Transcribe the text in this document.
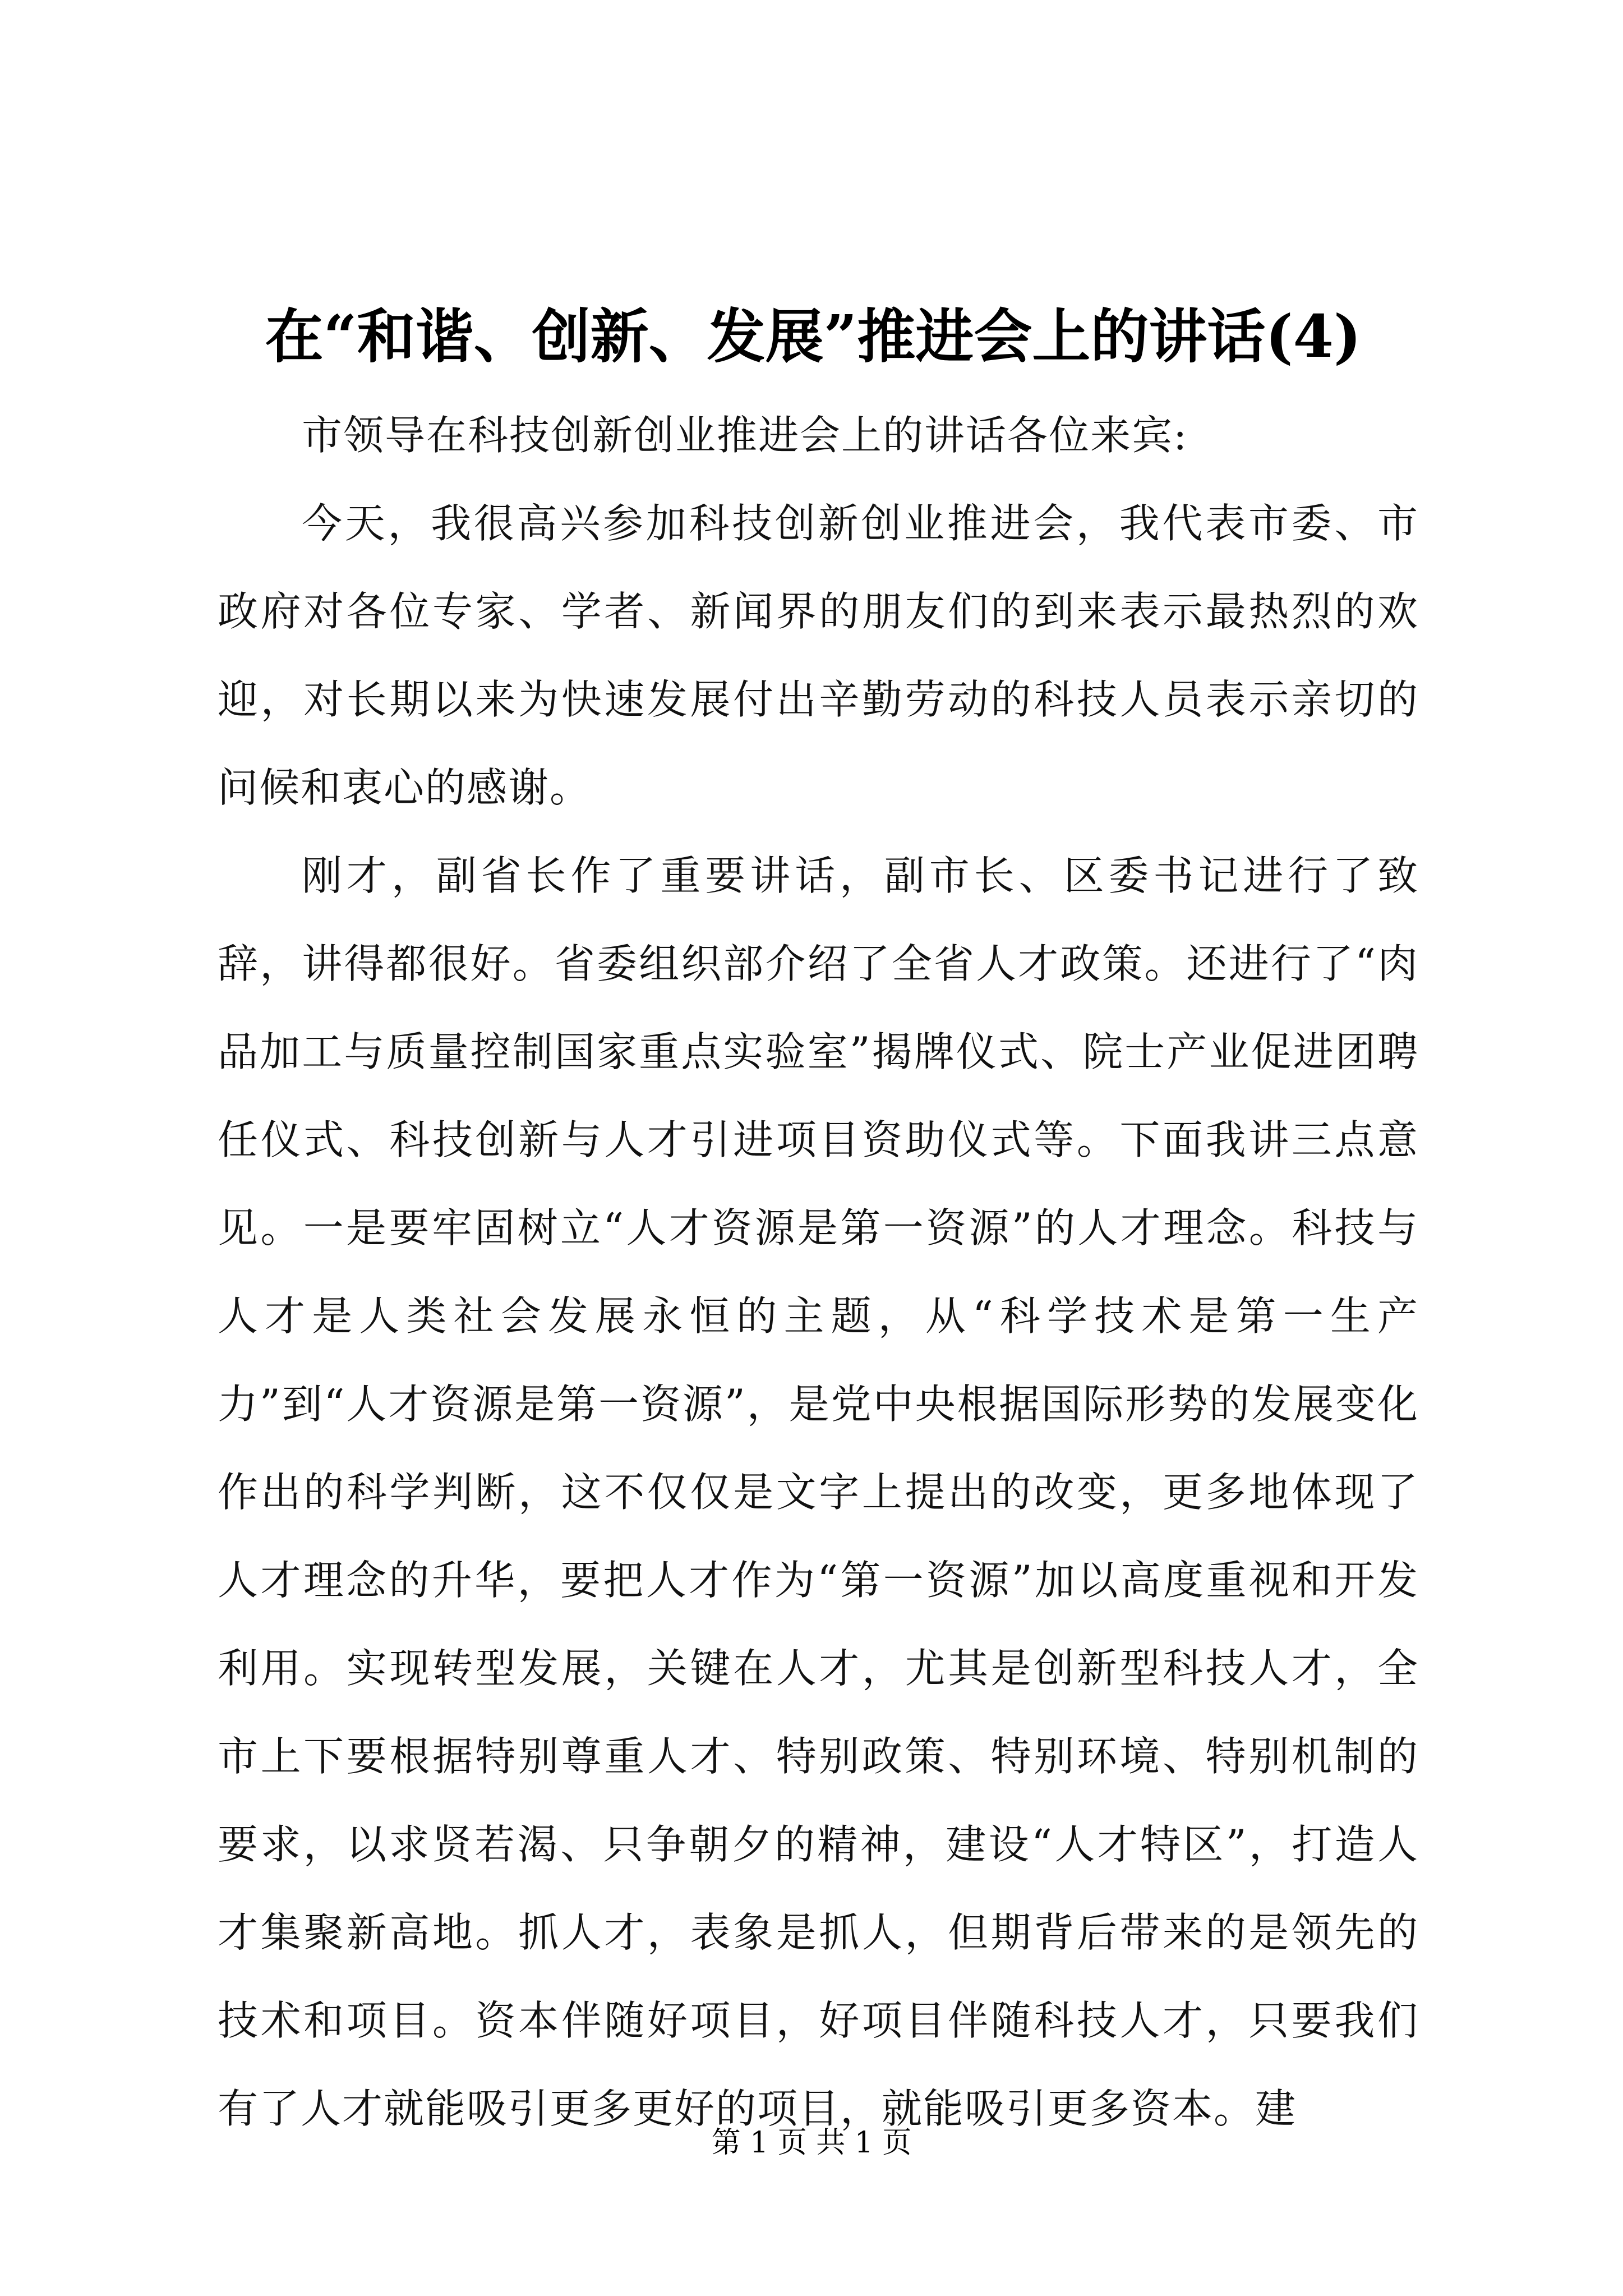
在“和谐、创新、发展”推进会上的讲话(4)

市领导在科技创新创业推进会上的讲话各位来宾:

今天，我很高兴参加科技创新创业推进会，我代表市委、市政府对各位专家、学者、新闻界的朋友们的到来表示最热烈的欢迎，对长期以来为快速发展付出辛勤劳动的科技人员表示亲切的问候和衷心的感谢。

刚才，副省长作了重要讲话，副市长、区委书记进行了致辞，讲得都很好。省委组织部介绍了全省人才政策。还进行了“肉品加工与质量控制国家重点实验室”揭牌仪式、院士产业促进团聘任仪式、科技创新与人才引进项目资助仪式等。下面我讲三点意见。一是要牢固树立“人才资源是第一资源”的人才理念。科技与人才是人类社会发展永恒的主题，从“科学技术是第一生产力”到“人才资源是第一资源”，是党中央根据国际形势的发展变化作出的科学判断，这不仅仅是文字上提出的改变，更多地体现了人才理念的升华，要把人才作为“第一资源”加以高度重视和开发利用。实现转型发展，关键在人才，尤其是创新型科技人才，全市上下要根据特别尊重人才、特别政策、特别环境、特别机制的要求，以求贤若渴、只争朝夕的精神，建设“人才特区”，打造人才集聚新高地。抓人才，表象是抓人，但期背后带来的是领先的技术和项目。资本伴随好项目，好项目伴随科技人才，只要我们有了人才就能吸引更多更好的项目，就能吸引更多资本。建

第 1 页 共 1 页
